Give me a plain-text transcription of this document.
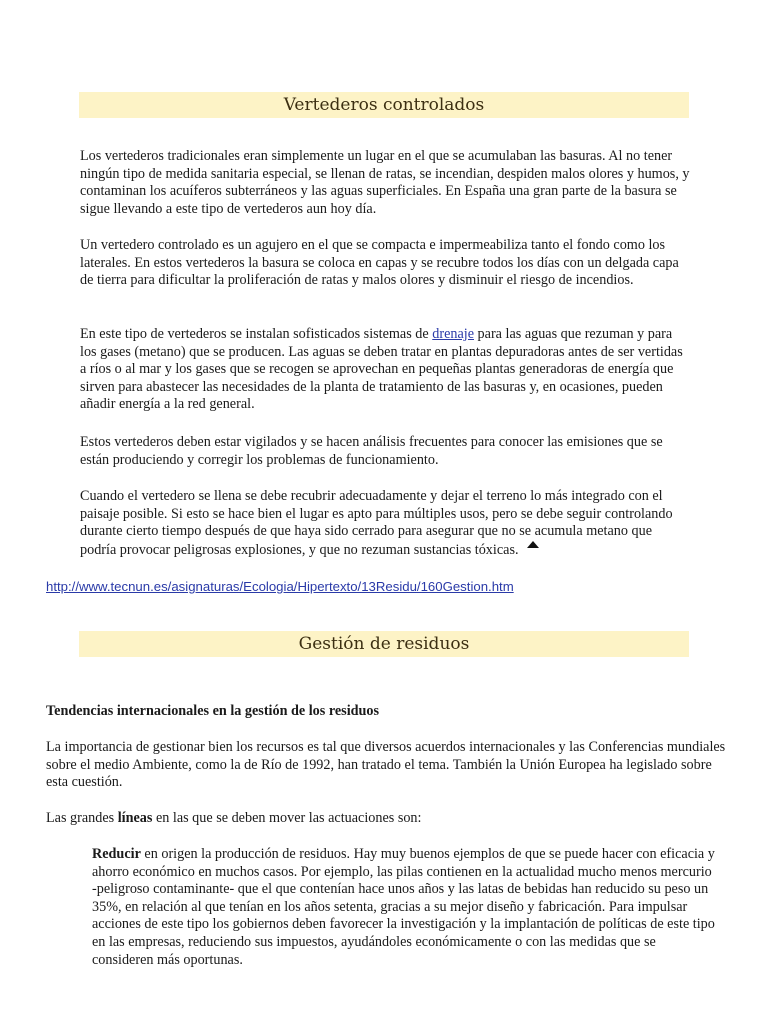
Vertederos controlados

Los vertederos tradicionales eran simplemente un lugar en el que se acumulaban las basuras. Al no tener ningún tipo de medida sanitaria especial, se llenan de ratas, se incendian, despiden malos olores y humos, y contaminan los acuíferos subterráneos y las aguas superficiales. En España una gran parte de la basura se sigue llevando a este tipo de vertederos aun hoy día.

Un vertedero controlado es un agujero en el que se compacta e impermeabiliza tanto el fondo como los laterales. En estos vertederos la basura se coloca en capas y se recubre todos los días con un delgada capa de tierra para dificultar la proliferación de ratas y malos olores y disminuir el riesgo de incendios.

En este tipo de vertederos se instalan sofisticados sistemas de drenaje para las aguas que rezuman y para los gases (metano) que se producen. Las aguas se deben tratar en plantas depuradoras antes de ser vertidas a ríos o al mar y los gases que se recogen se aprovechan en pequeñas plantas generadoras de energía que sirven para abastecer las necesidades de la planta de tratamiento de las basuras y, en ocasiones, pueden añadir energía a la red general.

Estos vertederos deben estar vigilados y se hacen análisis frecuentes para conocer las emisiones que se están produciendo y corregir los problemas de funcionamiento.

Cuando el vertedero se llena se debe recubrir adecuadamente y dejar el terreno lo más integrado con el paisaje posible. Si esto se hace bien el lugar es apto para múltiples usos, pero se debe seguir controlando durante cierto tiempo después de que haya sido cerrado para asegurar que no se acumula metano que podría provocar peligrosas explosiones, y que no rezuman sustancias tóxicas.

http://www.tecnun.es/asignaturas/Ecologia/Hipertexto/13Residu/160Gestion.htm
Gestión de residuos

Tendencias internacionales en la gestión de los residuos

La importancia de gestionar bien los recursos es tal que diversos acuerdos internacionales y las Conferencias mundiales sobre el medio Ambiente, como la de Río de 1992, han tratado el tema. También la Unión Europea ha legislado sobre esta cuestión.

Las grandes líneas en las que se deben mover las actuaciones son:

Reducir en origen la producción de residuos. Hay muy buenos ejemplos de que se puede hacer con eficacia y ahorro económico en muchos casos. Por ejemplo, las pilas contienen en la actualidad mucho menos mercurio -peligroso contaminante- que el que contenían hace unos años y las latas de bebidas han reducido su peso un 35%, en relación al que tenían en los años setenta, gracias a su mejor diseño y fabricación. Para impulsar acciones de este tipo los gobiernos deben favorecer la investigación y la implantación de políticas de este tipo en las empresas, reduciendo sus impuestos, ayudándoles económicamente o con las medidas que se consideren más oportunas.
